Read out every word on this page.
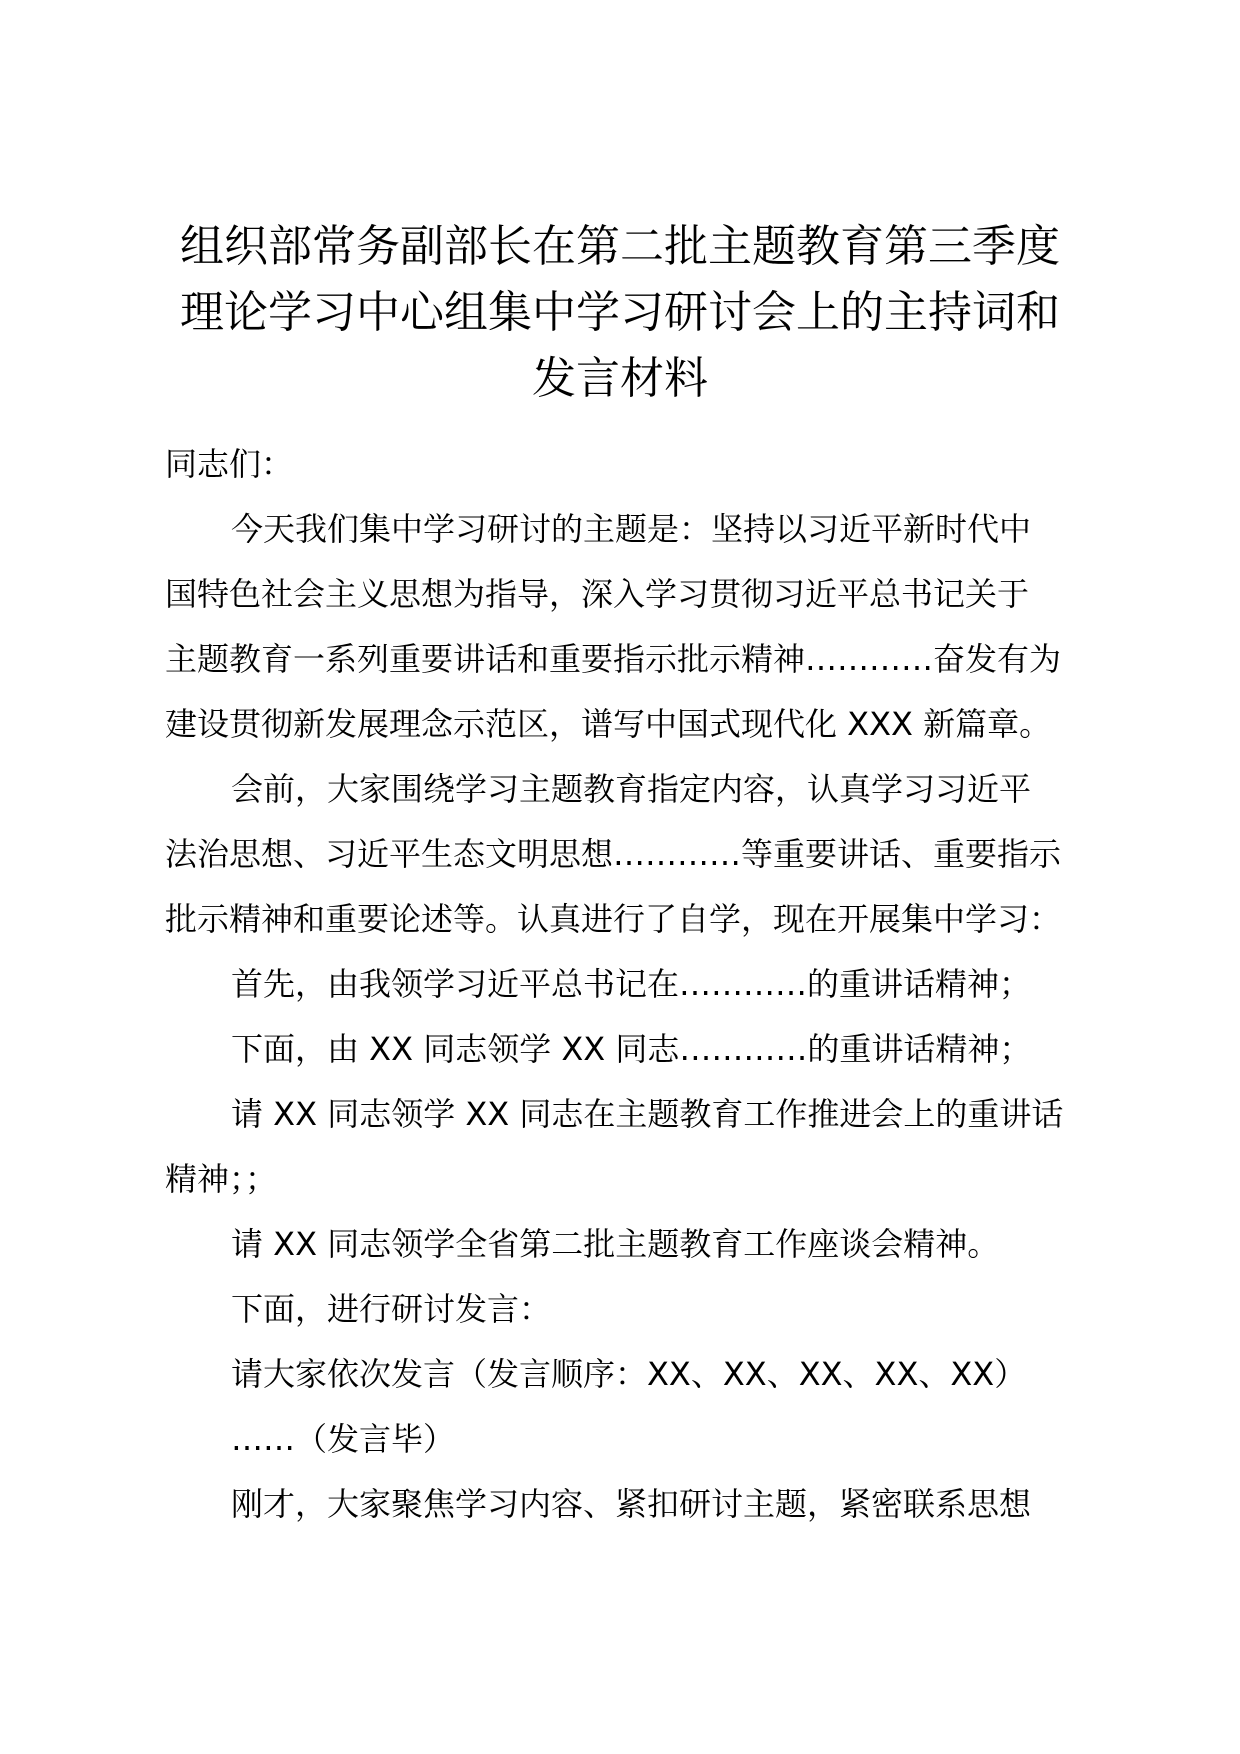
组织部常务副部长在第二批主题教育第三季度
理论学习中心组集中学习研讨会上的主持词和
发言材料
同志们：
今天我们集中学习研讨的主题是：坚持以习近平新时代中
国特色社会主义思想为指导，深入学习贯彻习近平总书记关于
主题教育一系列重要讲话和重要指示批示精神…………奋发有为
建设贯彻新发展理念示范区，谱写中国式现代化 XXX 新篇章。
会前，大家围绕学习主题教育指定内容，认真学习习近平
法治思想、习近平生态文明思想…………等重要讲话、重要指示
批示精神和重要论述等。认真进行了自学，现在开展集中学习：
首先，由我领学习近平总书记在…………的重讲话精神；
下面，由 XX 同志领学 XX 同志…………的重讲话精神；
请 XX 同志领学 XX 同志在主题教育工作推进会上的重讲话
精神；；
请 XX 同志领学全省第二批主题教育工作座谈会精神。
下面，进行研讨发言：
请大家依次发言（发言顺序：XX、XX、XX、XX、XX）
……（发言毕）
刚才，大家聚焦学习内容、紧扣研讨主题，紧密联系思想
